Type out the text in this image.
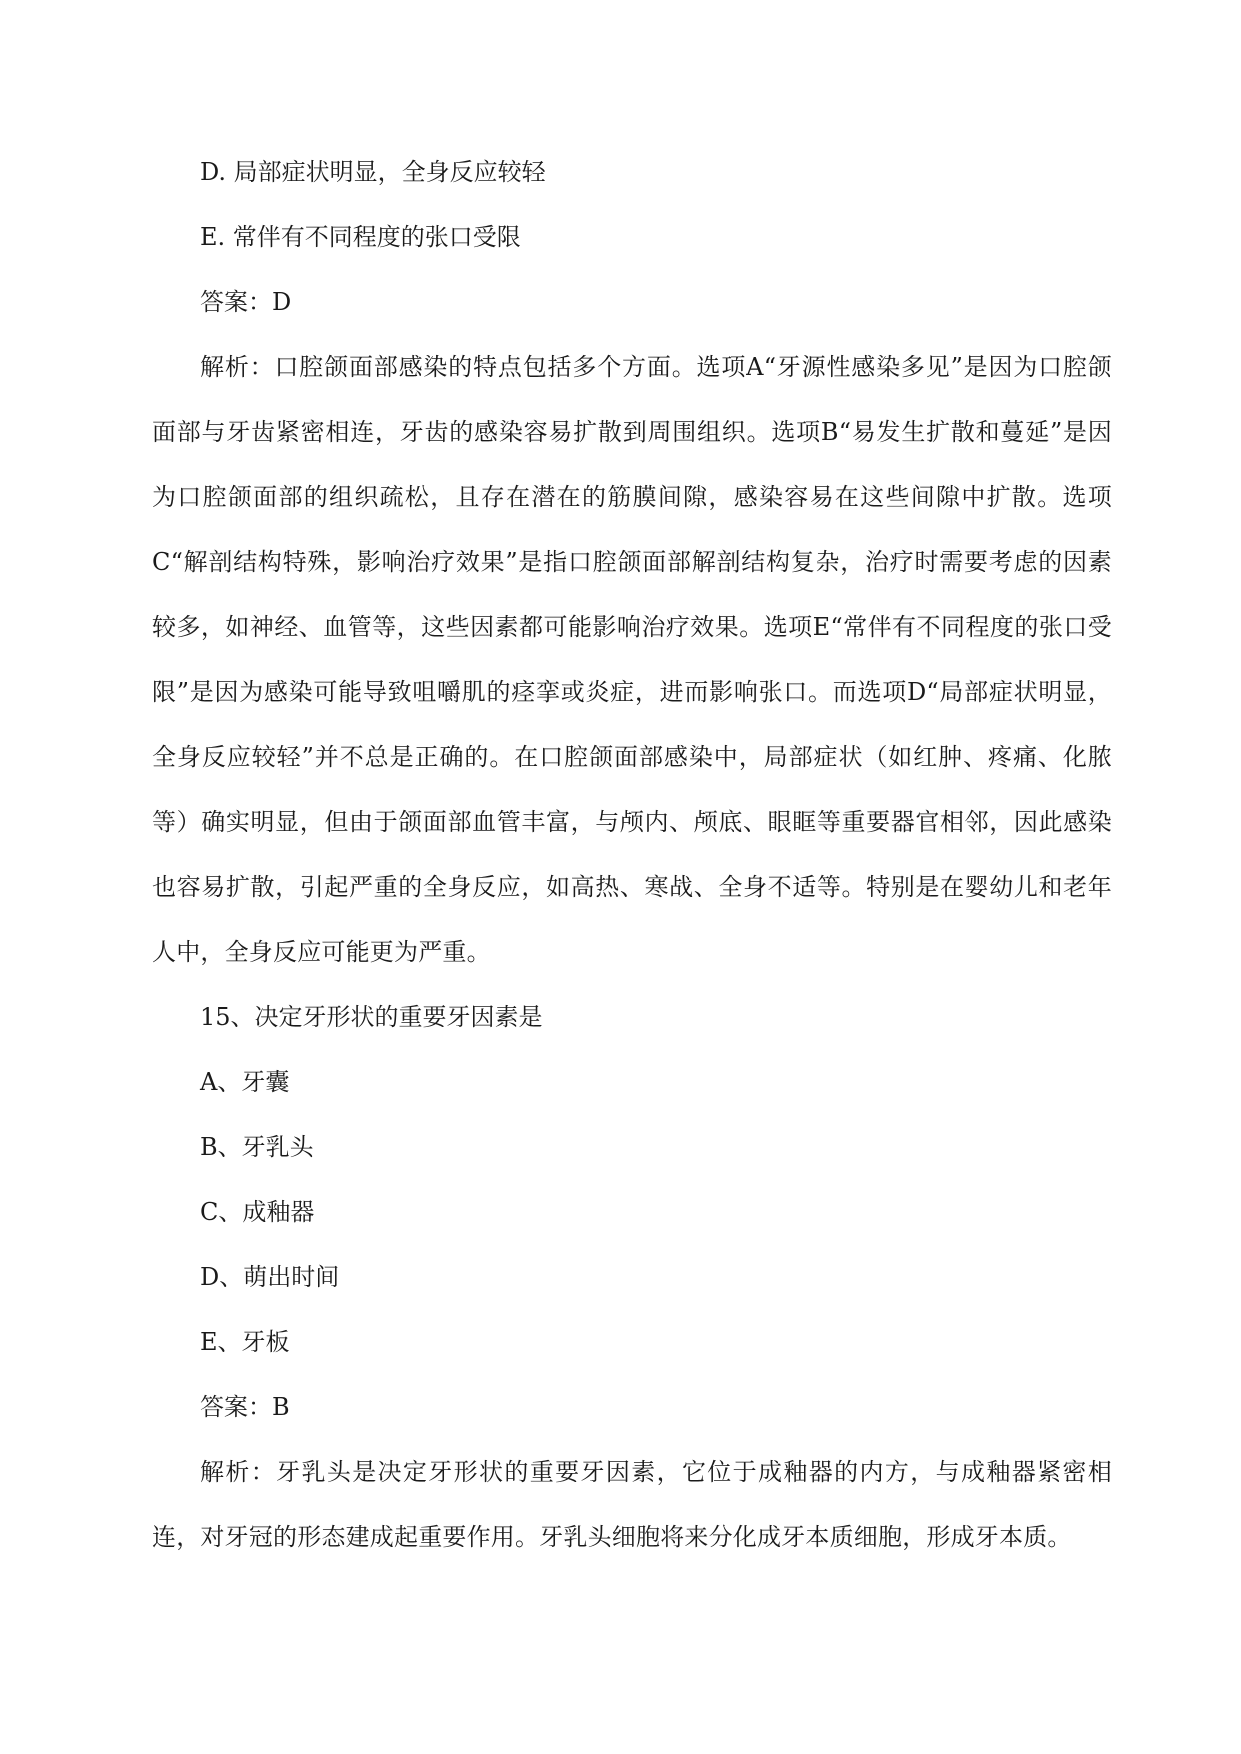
D. 局部症状明显，全身反应较轻

E. 常伴有不同程度的张口受限

答案：D

解析：口腔颌面部感染的特点包括多个方面。选项A“牙源性感染多见”是因为口腔颌面部与牙齿紧密相连，牙齿的感染容易扩散到周围组织。选项B“易发生扩散和蔓延”是因为口腔颌面部的组织疏松，且存在潜在的筋膜间隙，感染容易在这些间隙中扩散。选项C“解剖结构特殊，影响治疗效果”是指口腔颌面部解剖结构复杂，治疗时需要考虑的因素较多，如神经、血管等，这些因素都可能影响治疗效果。选项E“常伴有不同程度的张口受限”是因为感染可能导致咀嚼肌的痉挛或炎症，进而影响张口。而选项D“局部症状明显，全身反应较轻”并不总是正确的。在口腔颌面部感染中，局部症状（如红肿、疼痛、化脓等）确实明显，但由于颌面部血管丰富，与颅内、颅底、眼眶等重要器官相邻，因此感染也容易扩散，引起严重的全身反应，如高热、寒战、全身不适等。特别是在婴幼儿和老年人中，全身反应可能更为严重。

15、决定牙形状的重要牙因素是

A、牙囊

B、牙乳头

C、成釉器

D、萌出时间

E、牙板

答案：B

解析：牙乳头是决定牙形状的重要牙因素，它位于成釉器的内方，与成釉器紧密相连，对牙冠的形态建成起重要作用。牙乳头细胞将来分化成牙本质细胞，形成牙本质。
